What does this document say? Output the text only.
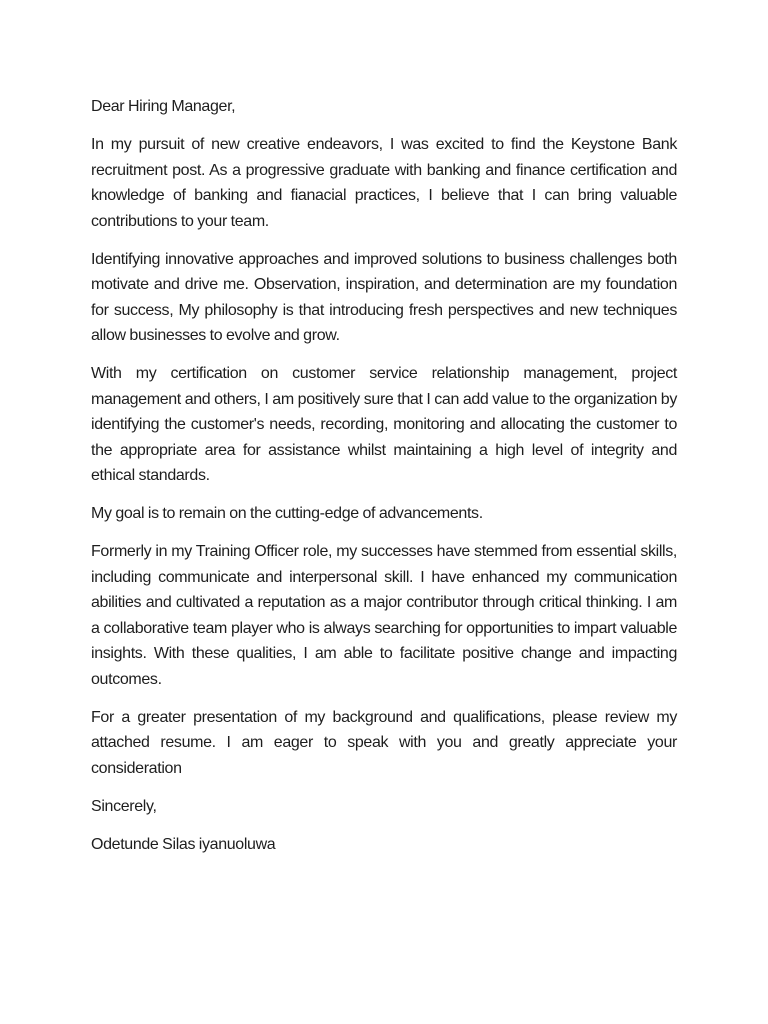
Dear Hiring Manager,

In my pursuit of new creative endeavors, I was excited to find the Keystone Bank recruitment post. As a progressive graduate with banking and finance certification and knowledge of banking and fianacial practices, I believe that I can bring valuable contributions to your team.

Identifying innovative approaches and improved solutions to business challenges both motivate and drive me. Observation, inspiration, and determination are my foundation for success, My philosophy is that introducing fresh perspectives and new techniques allow businesses to evolve and grow.

With my certification on customer service relationship management, project management and others, I am positively sure that I can add value to the organization by identifying the customer's needs, recording, monitoring and allocating the customer to the appropriate area for assistance whilst maintaining a high level of integrity and ethical standards.

My goal is to remain on the cutting-edge of advancements.

Formerly in my Training Officer role, my successes have stemmed from essential skills, including communicate and interpersonal skill. I have enhanced my communication abilities and cultivated a reputation as a major contributor through critical thinking. I am a collaborative team player who is always searching for opportunities to impart valuable insights. With these qualities, I am able to facilitate positive change and impacting outcomes.

For a greater presentation of my background and qualifications, please review my attached resume. I am eager to speak with you and greatly appreciate your consideration

Sincerely,

Odetunde Silas iyanuoluwa
